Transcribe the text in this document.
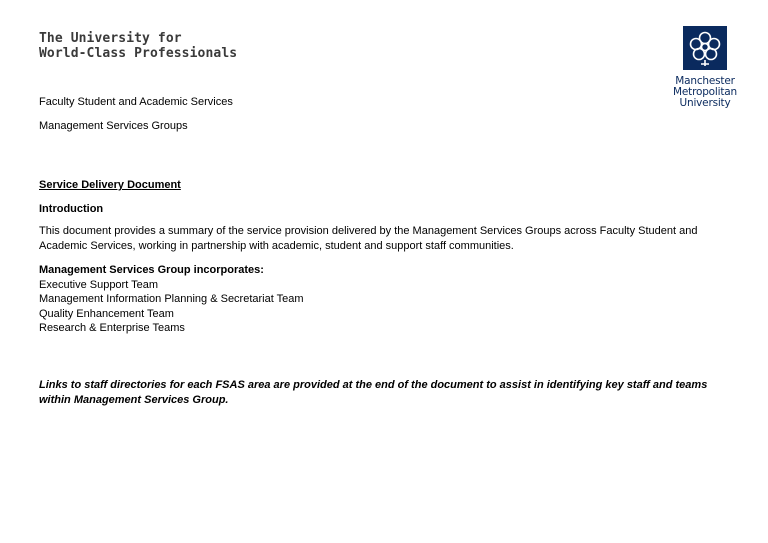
The University for
World-Class Professionals
Manchester
Metropolitan
University
Faculty Student and Academic Services
Management Services Groups
Service Delivery Document
Introduction
This document provides a summary of the service provision delivered by the Management Services Groups across Faculty Student and Academic Services, working in partnership with academic, student and support staff communities.
Management Services Group incorporates:
Executive Support Team
Management Information Planning & Secretariat Team
Quality Enhancement Team
Research & Enterprise Teams
Links to staff directories for each FSAS area are provided at the end of the document to assist in identifying key staff and teams within Management Services Group.
